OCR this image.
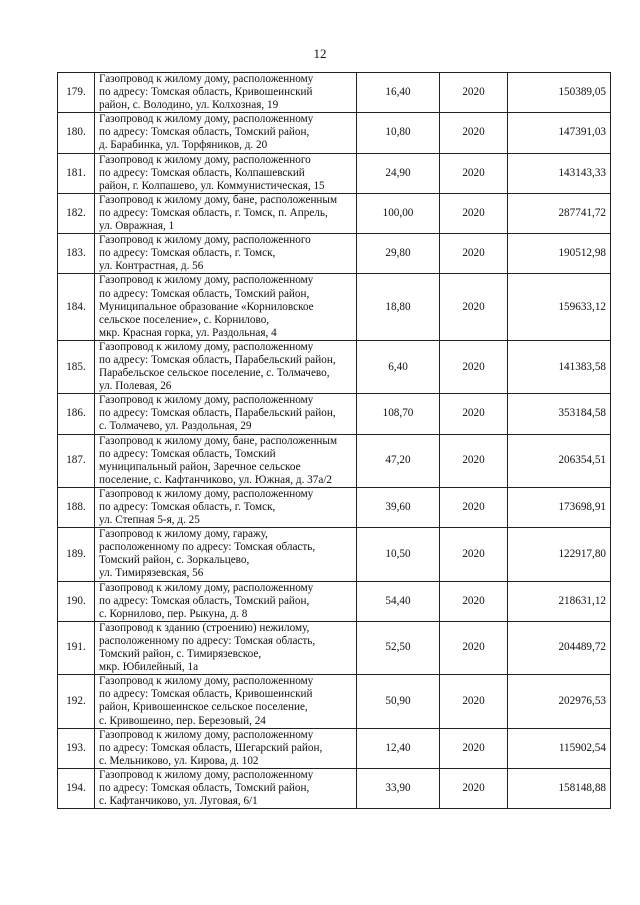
12
179.	Газопровод к жилому дому, расположенному
по адресу: Томская область, Кривошеинский
район, с. Володино, ул. Колхозная, 19	16,40	2020	150389,05
180.	Газопровод к жилому дому, расположенному
по адресу: Томская область, Томский район,
д. Барабинка, ул. Торфяников, д. 20	10,80	2020	147391,03
181.	Газопровод к жилому дому, расположенного
по адресу: Томская область, Колпашевский
район, г. Колпашево, ул. Коммунистическая, 15	24,90	2020	143143,33
182.	Газопровод к жилому дому, бане, расположенным
по адресу: Томская область, г. Томск, п. Апрель,
ул. Овражная, 1	100,00	2020	287741,72
183.	Газопровод к жилому дому, расположенного
по адресу: Томская область, г. Томск,
ул. Контрастная, д. 56	29,80	2020	190512,98
184.	Газопровод к жилому дому, расположенному
по адресу: Томская область, Томский район,
Муниципальное образование «Корниловское
сельское поселение», с. Корнилово,
мкр. Красная горка, ул. Раздольная, 4	18,80	2020	159633,12
185.	Газопровод к жилому дому, расположенному
по адресу: Томская область, Парабельский район,
Парабельское сельское поселение, с. Толмачево,
ул. Полевая, 26	6,40	2020	141383,58
186.	Газопровод к жилому дому, расположенному
по адресу: Томская область, Парабельский район,
с. Толмачево, ул. Раздольная, 29	108,70	2020	353184,58
187.	Газопровод к жилому дому, бане, расположенным
по адресу: Томская область, Томский
муниципальный район, Заречное сельское
поселение, с. Кафтанчиково, ул. Южная, д. 37а/2	47,20	2020	206354,51
188.	Газопровод к жилому дому, расположенному
по адресу: Томская область, г. Томск,
ул. Степная 5-я, д. 25	39,60	2020	173698,91
189.	Газопровод к жилому дому, гаражу,
расположенному по адресу: Томская область,
Томский район, с. Зоркальцево,
ул. Тимирязевская, 56	10,50	2020	122917,80
190.	Газопровод к жилому дому, расположенному
по адресу: Томская область, Томский район,
с. Корнилово, пер. Рыкуна, д. 8	54,40	2020	218631,12
191.	Газопровод к зданию (строению) нежилому,
расположенному по адресу: Томская область,
Томский район, с. Тимирязевское,
мкр. Юбилейный, 1а	52,50	2020	204489,72
192.	Газопровод к жилому дому, расположенному
по адресу: Томская область, Кривошеинский
район, Кривошеинское сельское поселение,
с. Кривошеино, пер. Березовый, 24	50,90	2020	202976,53
193.	Газопровод к жилому дому, расположенному
по адресу: Томская область, Шегарский район,
с. Мельниково, ул. Кирова, д. 102	12,40	2020	115902,54
194.	Газопровод к жилому дому, расположенному
по адресу: Томская область, Томский район,
с. Кафтанчиково, ул. Луговая, 6/1	33,90	2020	158148,88
